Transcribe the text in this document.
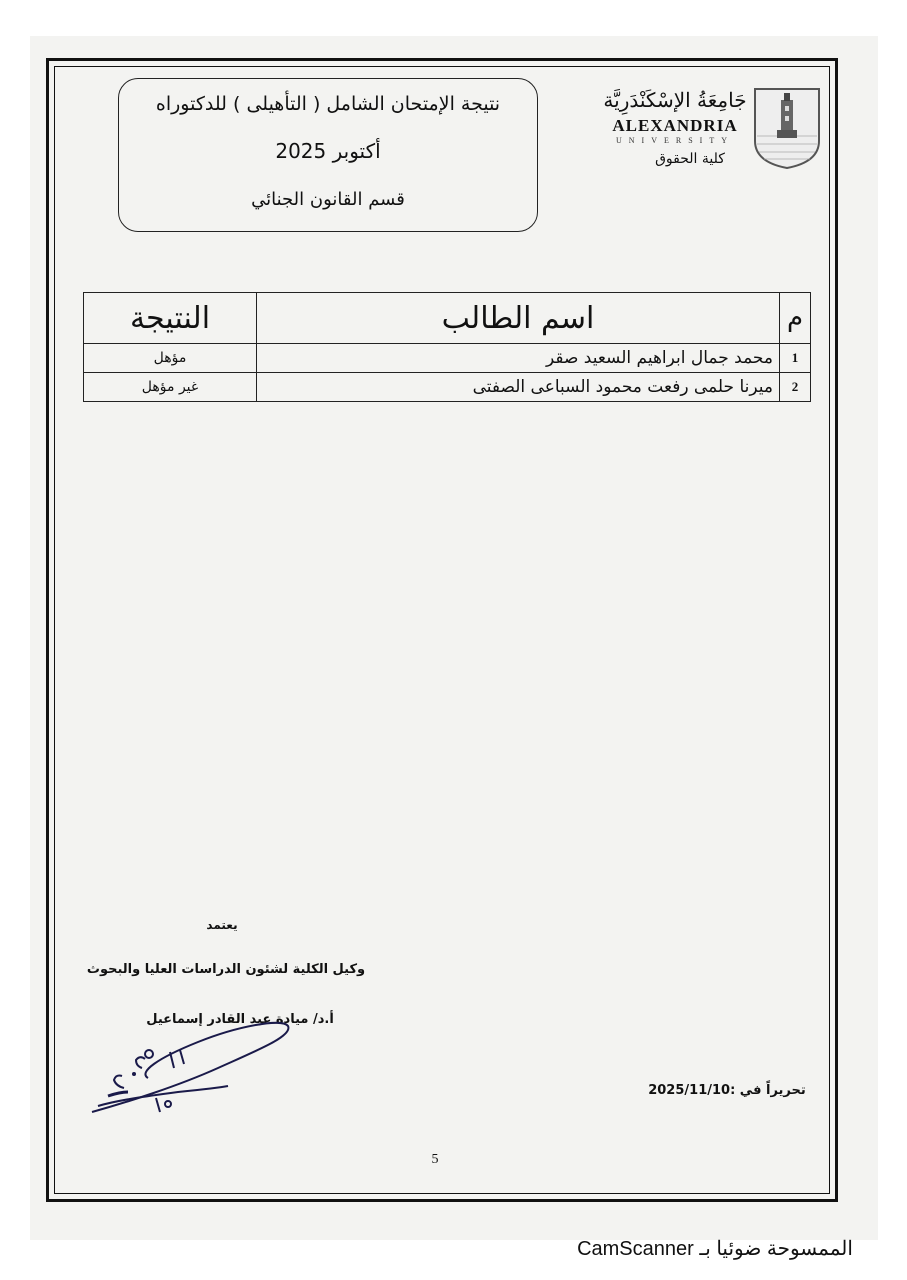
نتيجة الإمتحان الشامل ( التأهيلى ) للدكتوراه
أكتوبر 2025
قسم القانون الجنائي
جَامِعَةُ الإسْكَنْدَرِيَّة
ALEXANDRIA
UNIVERSITY
كلية الحقوق
م	اسم الطالب	النتيجة
1	محمد جمال ابراهيم السعيد صقر	مؤهل
2	ميرنا حلمى رفعت محمود السباعى الصفتى	غير مؤهل
يعتمد
وكيل الكلية لشئون الدراسات العليا والبحوث
أ.د/ ميادة عبد القادر إسماعيل
تحريراً في :2025/11/10
5
الممسوحة ضوئيا بـ CamScanner
